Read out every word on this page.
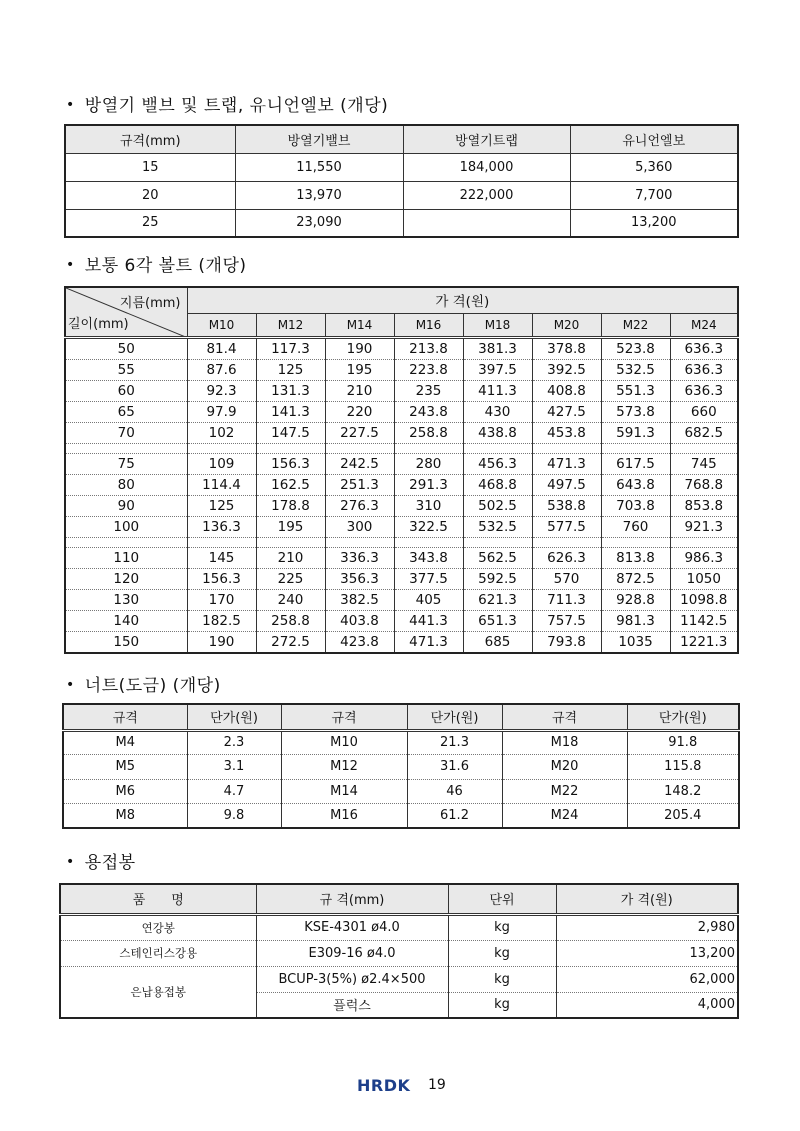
• 방열기 밸브 및 트랩, 유니언엘보 (개당)
규격(mm)	방열기밸브	방열기트랩	유니언엘보
15	11,550	184,000	5,360
20	13,970	222,000	7,700
25	23,090		13,200
• 보통 6각 볼트 (개당)
지름(mm)
길이(mm)	가 격(원)							
	M10	M12	M14	M16	M18	M20	M22	M24
50	81.4	117.3	190	213.8	381.3	378.8	523.8	636.3
55	87.6	125	195	223.8	397.5	392.5	532.5	636.3
60	92.3	131.3	210	235	411.3	408.8	551.3	636.3
65	97.9	141.3	220	243.8	430	427.5	573.8	660
70	102	147.5	227.5	258.8	438.8	453.8	591.3	682.5

75	109	156.3	242.5	280	456.3	471.3	617.5	745
80	114.4	162.5	251.3	291.3	468.8	497.5	643.8	768.8
90	125	178.8	276.3	310	502.5	538.8	703.8	853.8
100	136.3	195	300	322.5	532.5	577.5	760	921.3

110	145	210	336.3	343.8	562.5	626.3	813.8	986.3
120	156.3	225	356.3	377.5	592.5	570	872.5	1050
130	170	240	382.5	405	621.3	711.3	928.8	1098.8
140	182.5	258.8	403.8	441.3	651.3	757.5	981.3	1142.5
150	190	272.5	423.8	471.3	685	793.8	1035	1221.3
• 너트(도금) (개당)
규격	단가(원)	규격	단가(원)	규격	단가(원)
M4	2.3	M10	21.3	M18	91.8
M5	3.1	M12	31.6	M20	115.8
M6	4.7	M14	46	M22	148.2
M8	9.8	M16	61.2	M24	205.4
• 용접봉
품　　명	규 격(mm)	단위	가 격(원)
연강봉	KSE-4301 ø4.0	kg	2,980
스테인리스강용	E309-16 ø4.0	kg	13,200
은납용접봉	BCUP-3(5%) ø2.4×500	kg	62,000
	플럭스	kg	4,000
HRDK 19
